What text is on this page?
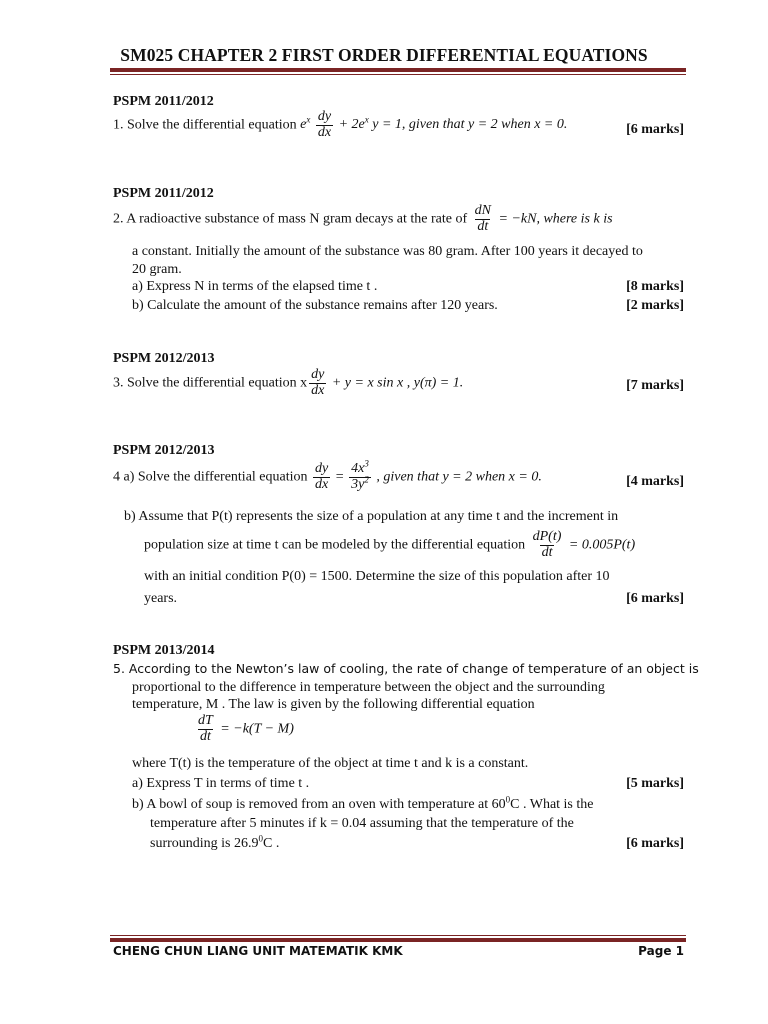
SM025 CHAPTER 2 FIRST ORDER DIFFERENTIAL EQUATIONS
PSPM 2011/2012
1. Solve the differential equation $e^x \frac{dy}{dx} + 2e^x$ y = 1, given that y = 2 when x = 0.	[6 marks]
PSPM 2011/2012
2. A radioactive substance of mass N gram decays at the rate of $\frac{dN}{dt} = -kN$, where is k is
a constant. Initially the amount of the substance was 80 gram. After 100 years it decayed to
20 gram.
a) Express N in terms of the elapsed time t .	[8 marks]
b) Calculate the amount of the substance remains after 120 years.	[2 marks]
PSPM 2012/2013
3. Solve the differential equation x $\frac{dy}{dx} + y = x$ sin x , y(π) = 1.	[7 marks]
PSPM 2012/2013
4 a) Solve the differential equation $\frac{dy}{dx} = \frac{4x^3}{3y^2}$ , given that y = 2 when x = 0.	[4 marks]
b) Assume that P(t) represents the size of a population at any time t and the increment in
population size at time t can be modeled by the differential equation $\frac{dP(t)}{dt} = 0.005P(t)$
with an initial condition P(0) = 1500. Determine the size of this population after 10
years.	[6 marks]
PSPM 2013/2014
5. According to the Newton’s law of cooling, the rate of change of temperature of an object is
proportional to the difference in temperature between the object and the surrounding
temperature, M . The law is given by the following differential equation
$\frac{dT}{dt} = -k(T - M)$
where T(t) is the temperature of the object at time t and k is a constant.
a) Express T in terms of time t .	[5 marks]
b) A bowl of soup is removed from an oven with temperature at $60^0C$ . What is the
temperature after 5 minutes if k = 0.04 assuming that the temperature of the
surrounding is 26.9$^0$C .	[6 marks]
CHENG CHUN LIANG UNIT MATEMATIK KMK	Page 1
